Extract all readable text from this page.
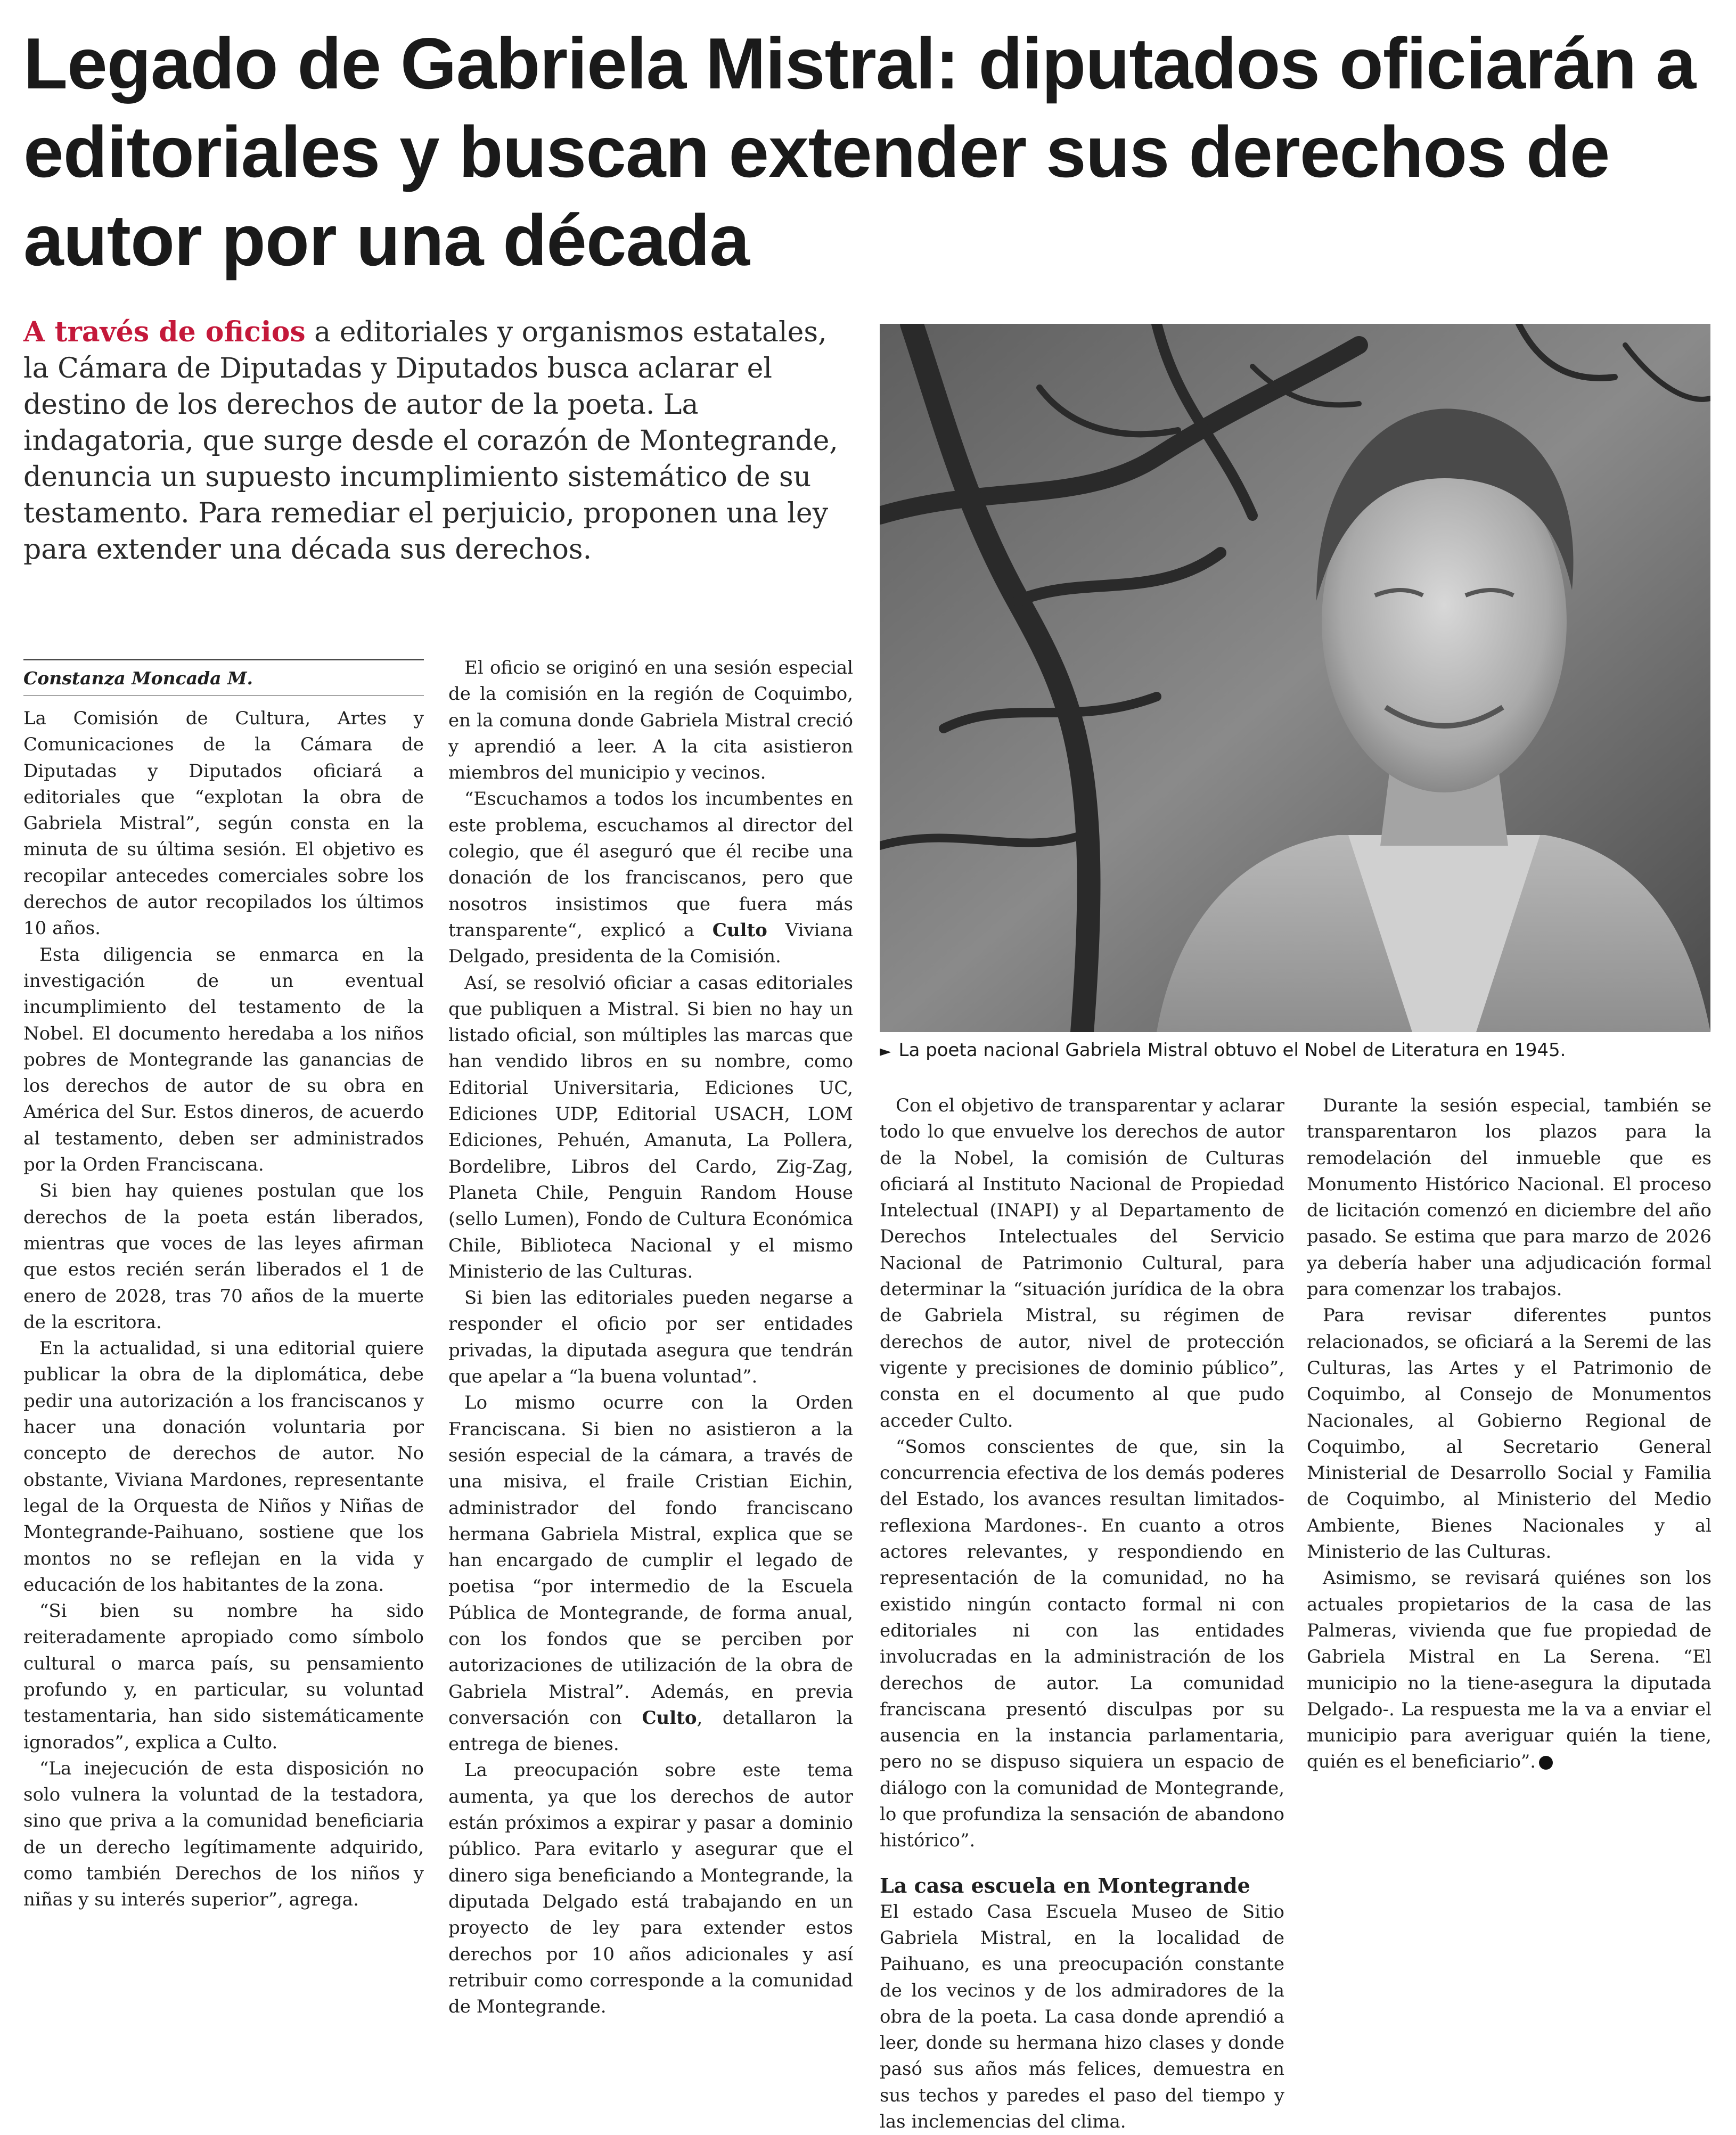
Legado de Gabriela Mistral: diputados oficiarán a editoriales y buscan extender sus derechos de autor por una década

A través de oficios a editoriales y organismos estatales, la Cámara de Diputadas y Diputados busca aclarar el destino de los derechos de autor de la poeta. La indagatoria, que surge desde el corazón de Montegrande, denuncia un supuesto incumplimiento sistemático de su testamento. Para remediar el perjuicio, proponen una ley para extender una década sus derechos.

► La poeta nacional Gabriela Mistral obtuvo el Nobel de Literatura en 1945.
Constanza Moncada M.

La Comisión de Cultura, Artes y Comunicaciones de la Cámara de Diputadas y Diputados oficiará a editoriales que “explotan la obra de Gabriela Mistral”, según consta en la minuta de su última sesión. El objetivo es recopilar antecedes comerciales sobre los derechos de autor recopilados los últimos 10 años.

Esta diligencia se enmarca en la investigación de un eventual incumplimiento del testamento de la Nobel. El documento heredaba a los niños pobres de Montegrande las ganancias de los derechos de autor de su obra en América del Sur. Estos dineros, de acuerdo al testamento, deben ser administrados por la Orden Franciscana.

Si bien hay quienes postulan que los derechos de la poeta están liberados, mientras que voces de las leyes afirman que estos recién serán liberados el 1 de enero de 2028, tras 70 años de la muerte de la escritora.

En la actualidad, si una editorial quiere publicar la obra de la diplomática, debe pedir una autorización a los franciscanos y hacer una donación voluntaria por concepto de derechos de autor. No obstante, Viviana Mardones, representante legal de la Orquesta de Niños y Niñas de Montegrande-Paihuano, sostiene que los montos no se reflejan en la vida y educación de los habitantes de la zona.

“Si bien su nombre ha sido reiteradamente apropiado como símbolo cultural o marca país, su pensamiento profundo y, en particular, su voluntad testamentaria, han sido sistemáticamente ignorados”, explica a Culto.

“La inejecución de esta disposición no solo vulnera la voluntad de la testadora, sino que priva a la comunidad beneficiaria de un derecho legítimamente adquirido, como también Derechos de los niños y niñas y su interés superior”, agrega.

El oficio se originó en una sesión especial de la comisión en la región de Coquimbo, en la comuna donde Gabriela Mistral creció y aprendió a leer. A la cita asistieron miembros del municipio y vecinos.

“Escuchamos a todos los incumbentes en este problema, escuchamos al director del colegio, que él aseguró que él recibe una donación de los franciscanos, pero que nosotros insistimos que fuera más transparente“, explicó a Culto Viviana Delgado, presidenta de la Comisión.

Así, se resolvió oficiar a casas editoriales que publiquen a Mistral. Si bien no hay un listado oficial, son múltiples las marcas que han vendido libros en su nombre, como Editorial Universitaria, Ediciones UC, Ediciones UDP, Editorial USACH, LOM Ediciones, Pehuén, Amanuta, La Pollera, Bordelibre, Libros del Cardo, Zig-Zag, Planeta Chile, Penguin Random House (sello Lumen), Fondo de Cultura Económica Chile, Biblioteca Nacional y el mismo Ministerio de las Culturas.

Si bien las editoriales pueden negarse a responder el oficio por ser entidades privadas, la diputada asegura que tendrán que apelar a “la buena voluntad”.

Lo mismo ocurre con la Orden Franciscana. Si bien no asistieron a la sesión especial de la cámara, a través de una misiva, el fraile Cristian Eichin, administrador del fondo franciscano hermana Gabriela Mistral, explica que se han encargado de cumplir el legado de poetisa “por intermedio de la Escuela Pública de Montegrande, de forma anual, con los fondos que se perciben por autorizaciones de utilización de la obra de Gabriela Mistral”. Además, en previa conversación con Culto, detallaron la entrega de bienes.

La preocupación sobre este tema aumenta, ya que los derechos de autor están próximos a expirar y pasar a dominio público. Para evitarlo y asegurar que el dinero siga beneficiando a Montegrande, la diputada Delgado está trabajando en un proyecto de ley para extender estos derechos por 10 años adicionales y así retribuir como corresponde a la comunidad de Montegrande.

Con el objetivo de transparentar y aclarar todo lo que envuelve los derechos de autor de la Nobel, la comisión de Culturas oficiará al Instituto Nacional de Propiedad Intelectual (INAPI) y al Departamento de Derechos Intelectuales del Servicio Nacional de Patrimonio Cultural, para determinar la “situación jurídica de la obra de Gabriela Mistral, su régimen de derechos de autor, nivel de protección vigente y precisiones de dominio público”, consta en el documento al que pudo acceder Culto.

“Somos conscientes de que, sin la concurrencia efectiva de los demás poderes del Estado, los avances resultan limitados-reflexiona Mardones-. En cuanto a otros actores relevantes, y respondiendo en representación de la comunidad, no ha existido ningún contacto formal ni con editoriales ni con las entidades involucradas en la administración de los derechos de autor. La comunidad franciscana presentó disculpas por su ausencia en la instancia parlamentaria, pero no se dispuso siquiera un espacio de diálogo con la comunidad de Montegrande, lo que profundiza la sensación de abandono histórico”.

La casa escuela en Montegrande

El estado Casa Escuela Museo de Sitio Gabriela Mistral, en la localidad de Paihuano, es una preocupación constante de los vecinos y de los admiradores de la obra de la poeta. La casa donde aprendió a leer, donde su hermana hizo clases y donde pasó sus años más felices, demuestra en sus techos y paredes el paso del tiempo y las inclemencias del clima.

Durante la sesión especial, también se transparentaron los plazos para la remodelación del inmueble que es Monumento Histórico Nacional. El proceso de licitación comenzó en diciembre del año pasado. Se estima que para marzo de 2026 ya debería haber una adjudicación formal para comenzar los trabajos.

Para revisar diferentes puntos relacionados, se oficiará a la Seremi de las Culturas, las Artes y el Patrimonio de Coquimbo, al Consejo de Monumentos Nacionales, al Gobierno Regional de Coquimbo, al Secretario General Ministerial de Desarrollo Social y Familia de Coquimbo, al Ministerio del Medio Ambiente, Bienes Nacionales y al Ministerio de las Culturas.

Asimismo, se revisará quiénes son los actuales propietarios de la casa de las Palmeras, vivienda que fue propiedad de Gabriela Mistral en La Serena. “El municipio no la tiene-asegura la diputada Delgado-. La respuesta me la va a enviar el municipio para averiguar quién la tiene, quién es el beneficiario”.
